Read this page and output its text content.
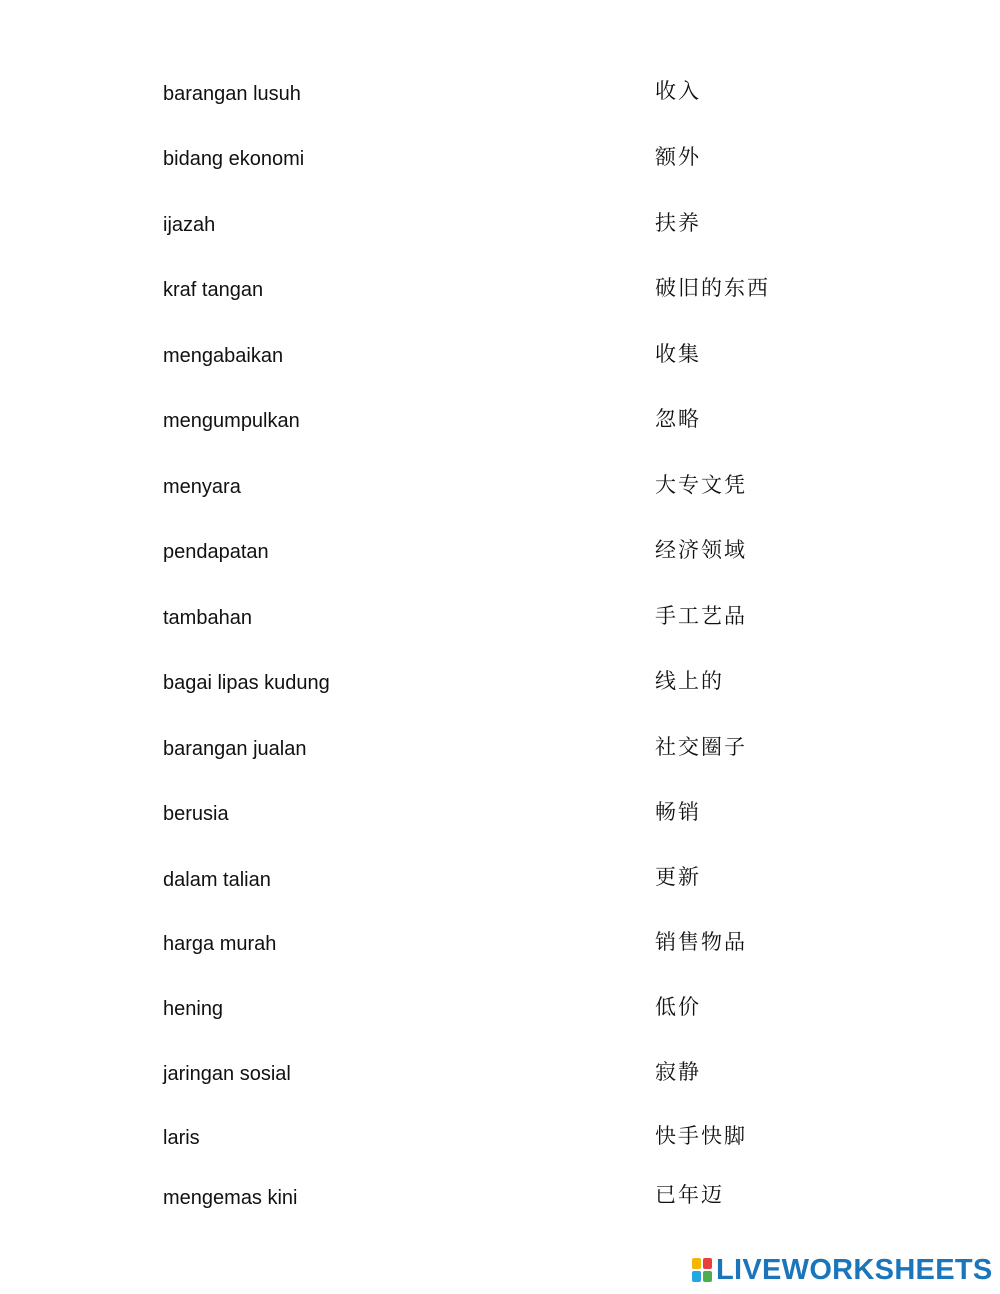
barangan lusuh
bidang ekonomi
ijazah
kraf tangan
mengabaikan
mengumpulkan
menyara
pendapatan
tambahan
bagai lipas kudung
barangan jualan
berusia
dalam talian
harga murah
hening
jaringan sosial
laris
mengemas kini
收入
额外
扶养
破旧的东西
收集
忽略
大专文凭
经济领域
手工艺品
线上的
社交圈子
畅销
更新
销售物品
低价
寂静
快手快脚
已年迈
LIVEWORKSHEETS
